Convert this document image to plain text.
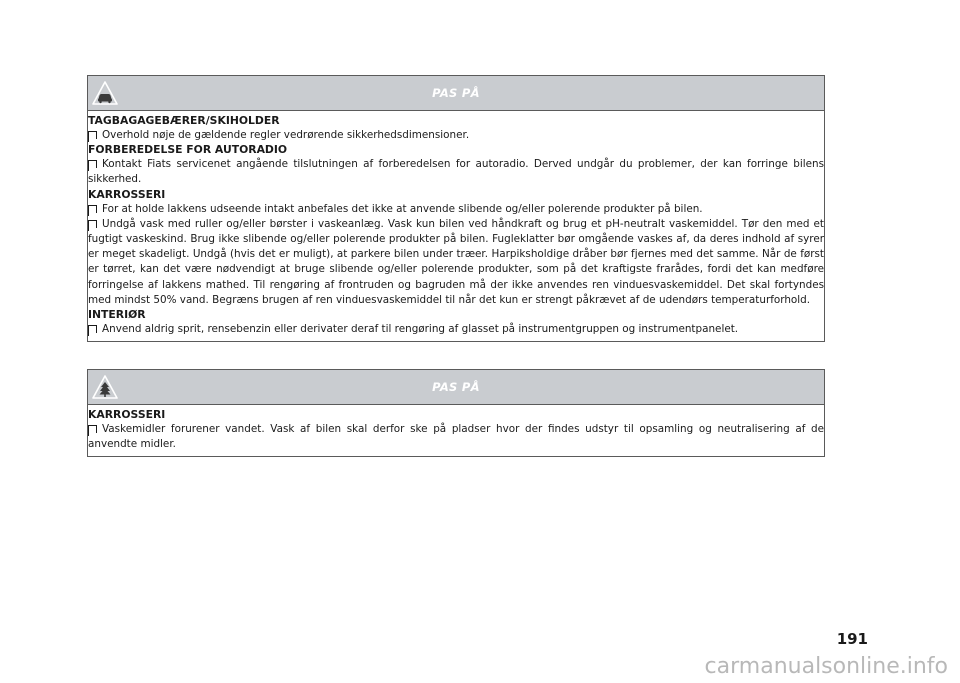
PAS PÅ

TAGBAGAGEBÆRER/SKIHOLDER

Overhold nøje de gældende regler vedrørende sikkerhedsdimensioner.

FORBEREDELSE FOR AUTORADIO

Kontakt Fiats servicenet angående tilslutningen af forberedelsen for autoradio. Derved undgår du problemer, der kan forringe bilens sikkerhed.

KARROSSERI

For at holde lakkens udseende intakt anbefales det ikke at anvende slibende og/eller polerende produkter på bilen.

Undgå vask med ruller og/eller børster i vaskeanlæg. Vask kun bilen ved håndkraft og brug et pH-neutralt vaskemiddel. Tør den med et fugtigt vaskeskind. Brug ikke slibende og/eller polerende produkter på bilen. Fugleklatter bør omgående vaskes af, da deres indhold af syrer er meget skadeligt. Undgå (hvis det er muligt), at parkere bilen under træer. Harpiksholdige dråber bør fjernes med det samme. Når de først er tørret, kan det være nødvendigt at bruge slibende og/eller polerende produkter, som på det kraftigste frarådes, fordi det kan medføre forringelse af lakkens mathed. Til rengøring af frontruden og bagruden må der ikke anvendes ren vinduesvaskemiddel. Det skal fortyndes med mindst 50% vand. Begræns brugen af ren vinduesvaskemiddel til når det kun er strengt påkrævet af de udendørs temperaturforhold.

INTERIØR

Anvend aldrig sprit, rensebenzin eller derivater deraf til rengøring af glasset på instrumentgruppen og instrumentpanelet.

PAS PÅ

KARROSSERI

Vaskemidler forurener vandet. Vask af bilen skal derfor ske på pladser hvor der findes udstyr til opsamling og neutralisering af de anvendte midler.

191
carmanualsonline.info
